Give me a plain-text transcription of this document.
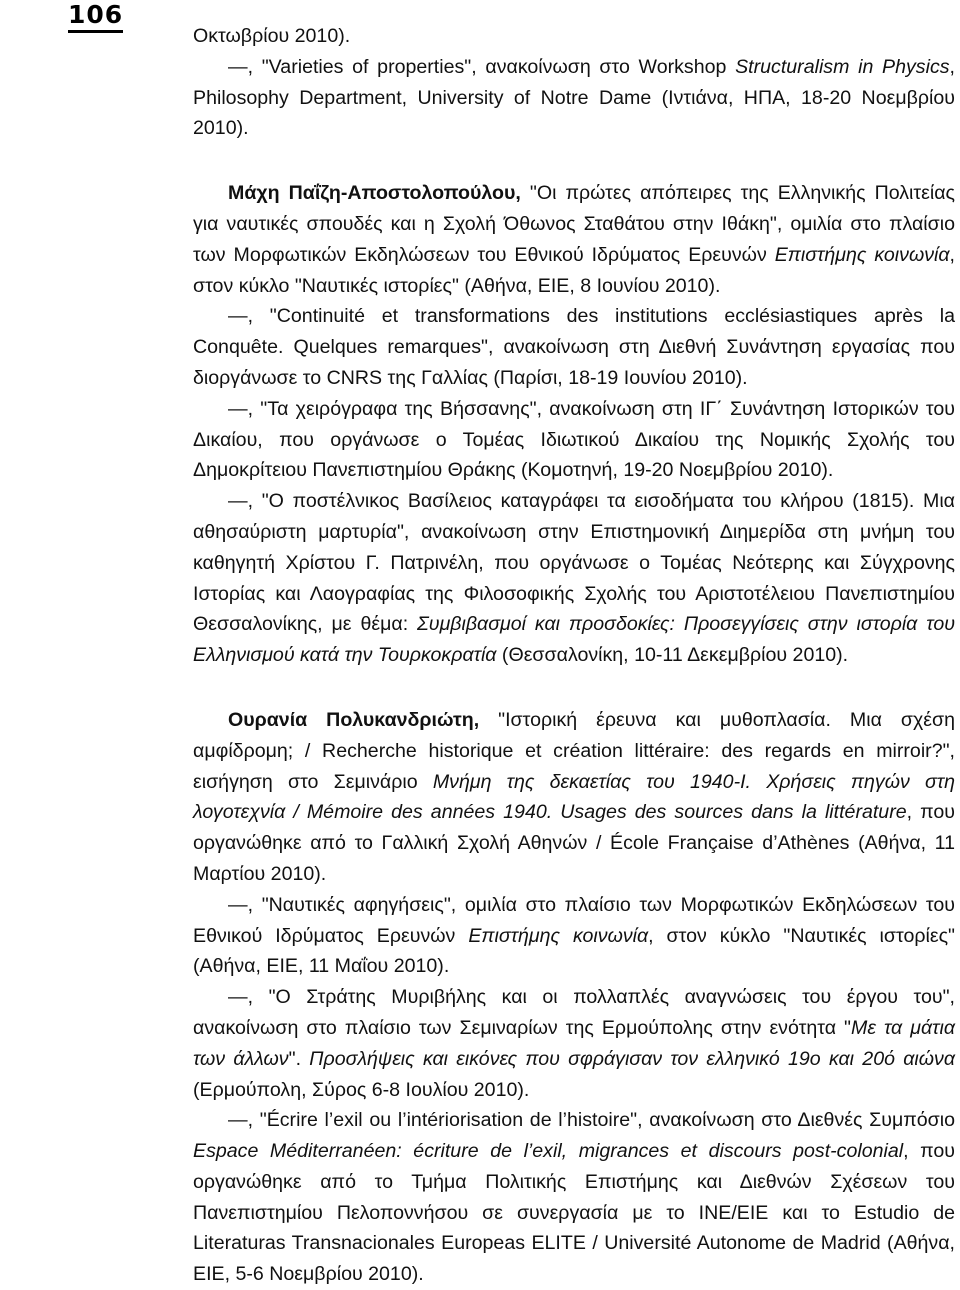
106

Οκτωβρίου 2010).

—, "Varieties of properties", ανακοίνωση στο Workshop Structuralism in Physics, Philosophy Department, University of Notre Dame (Ιντιάνα, ΗΠΑ, 18-20 Νοεμβρίου 2010).

Μάχη Παΐζη-Αποστολοπούλου, "Οι πρώτες απόπειρες της Ελληνικής Πολιτείας για ναυτικές σπουδές και η Σχολή Όθωνος Σταθάτου στην Ιθάκη", ομιλία στο πλαίσιο των Μορφωτικών Εκδηλώσεων του Εθνικού Ιδρύματος Ερευνών Επιστήμης κοινωνία, στον κύκλο "Ναυτικές ιστορίες" (Αθήνα, ΕΙΕ, 8 Ιουνίου 2010).

—, "Continuité et transformations des institutions ecclésiastiques après la Conquête. Quelques remarques", ανακοίνωση στη Διεθνή Συνάντηση εργασίας που διοργάνωσε το CNRS της Γαλλίας (Παρίσι, 18-19 Ιουνίου 2010).

—, "Τα χειρόγραφα της Βήσσανης", ανακοίνωση στη ΙΓ΄ Συνάντηση Ιστορικών του Δικαίου, που οργάνωσε ο Τομέας Ιδιωτικού Δικαίου της Νομικής Σχολής του Δημοκρίτειου Πανεπιστημίου Θράκης (Κομοτηνή, 19-20 Νοεμβρίου 2010).

—, "Ο ποστέλνικος Βασίλειος καταγράφει τα εισοδήματα του κλήρου (1815). Μια αθησαύριστη μαρτυρία", ανακοίνωση στην Επιστημονική Διημερίδα στη μνήμη του καθηγητή Χρίστου Γ. Πατρινέλη, που οργάνωσε ο Τομέας Νεότερης και Σύγχρονης Ιστορίας και Λαογραφίας της Φιλοσοφικής Σχολής του Αριστοτέλειου Πανεπιστημίου Θεσσαλονίκης, με θέμα: Συμβιβασμοί και προσδοκίες: Προσεγγίσεις στην ιστορία του Ελληνισμού κατά την Τουρκοκρατία (Θεσσαλονίκη, 10-11 Δεκεμβρίου 2010).

Ουρανία Πολυκανδριώτη, "Ιστορική έρευνα και μυθοπλασία. Μια σχέση αμφίδρομη; / Recherche historique et création littéraire: des regards en mirroir?", εισήγηση στο Σεμινάριο Μνήμη της δεκαετίας του 1940-Ι. Χρήσεις πηγών στη λογοτεχνία / Mémoire des années 1940. Usages des sources dans la littérature, που οργανώθηκε από το Γαλλική Σχολή Αθηνών / École Française d’Athènes (Αθήνα, 11 Μαρτίου 2010).

—, "Ναυτικές αφηγήσεις", ομιλία στο πλαίσιο των Μορφωτικών Εκδηλώσεων του Εθνικού Ιδρύματος Ερευνών Επιστήμης κοινωνία, στον κύκλο "Ναυτικές ιστορίες" (Αθήνα, ΕΙΕ, 11 Μαΐου 2010).

—, "Ο Στράτης Μυριβήλης και οι πολλαπλές αναγνώσεις του έργου του", ανακοίνωση στο πλαίσιο των Σεμιναρίων της Ερμούπολης στην ενότητα "Με τα μάτια των άλλων". Προσλήψεις και εικόνες που σφράγισαν τον ελληνικό 19ο και 20ό αιώνα (Ερμούπολη, Σύρος 6-8 Ιουλίου 2010).

—, "Écrire l’exil ou l’intériorisation de l’histoire", ανακοίνωση στο Διεθνές Συμπόσιο Espace Méditerranéen: écriture de l’exil, migrances et discours post-colonial, που οργανώθηκε από το Τμήμα Πολιτικής Επιστήμης και Διεθνών Σχέσεων του Πανεπιστημίου Πελοποννήσου σε συνεργασία με το ΙΝΕ/ΕΙΕ και το Estudio de Literaturas Transnacionales Europeas ELITE / Université Autonome de Madrid (Αθήνα, ΕΙΕ, 5-6 Νοεμβρίου 2010).
